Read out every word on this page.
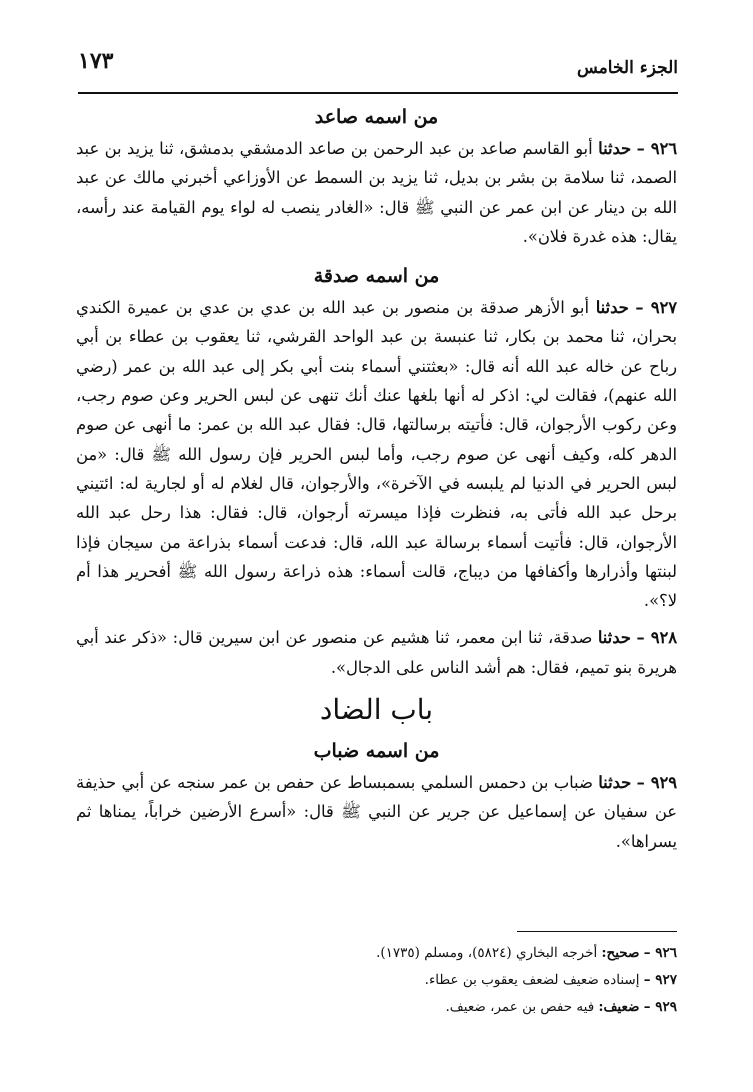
الجزء الخامس
١٧٣
من اسمه صاعد

٩٢٦ – حدثنا أبو القاسم صاعد بن عبد الرحمن بن صاعد الدمشقي بدمشق، ثنا يزيد بن عبد الصمد، ثنا سلامة بن بشر بن بديل، ثنا يزيد بن السمط عن الأوزاعي أخبرني مالك عن عبد الله بن دينار عن ابن عمر عن النبي ﷺ قال: «الغادر ينصب له لواء يوم القيامة عند رأسه، يقال: هذه غدرة فلان».

من اسمه صدقة

٩٢٧ – حدثنا أبو الأزهر صدقة بن منصور بن عبد الله بن عدي بن عدي بن عميرة الكندي بحران، ثنا محمد بن بكار، ثنا عنبسة بن عبد الواحد القرشي، ثنا يعقوب بن عطاء بن أبي رباح عن خاله عبد الله أنه قال: «بعثتني أسماء بنت أبي بكر إلى عبد الله بن عمر (رضي الله عنهم)، فقالت لي: اذكر له أنها بلغها عنك أنك تنهى عن لبس الحرير وعن صوم رجب، وعن ركوب الأرجوان، قال: فأتيته برسالتها، قال: فقال عبد الله بن عمر: ما أنهى عن صوم الدهر كله، وكيف أنهى عن صوم رجب، وأما لبس الحرير فإن رسول الله ﷺ قال: «من لبس الحرير في الدنيا لم يلبسه في الآخرة»، والأرجوان، قال لغلام له أو لجارية له: ائتيني برحل عبد الله فأتى به، فنظرت فإذا ميسرته أرجوان، قال: فقال: هذا رحل عبد الله الأرجوان، قال: فأتيت أسماء برسالة عبد الله، قال: فدعت أسماء بذراعة من سيجان فإذا لبنتها وأذرارها وأكفافها من ديباج، قالت أسماء: هذه ذراعة رسول الله ﷺ أفحرير هذا أم لا؟».

٩٢٨ – حدثنا صدقة، ثنا ابن معمر، ثنا هشيم عن منصور عن ابن سيرين قال: «ذكر عند أبي هريرة بنو تميم، فقال: هم أشد الناس على الدجال».

باب الضاد
من اسمه ضباب

٩٢٩ – حدثنا ضباب بن دحمس السلمي بسمبساط عن حفص بن عمر سنجه عن أبي حذيفة عن سفيان عن إسماعيل عن جرير عن النبي ﷺ قال: «أسرع الأرضين خراباً، يمناها ثم يسراها».

٩٢٦ – صحيح: أخرجه البخاري (٥٨٢٤)، ومسلم (١٧٣٥).
٩٢٧ – إسناده ضعيف لضعف يعقوب بن عطاء.
٩٢٩ – ضعيف: فيه حفص بن عمر، ضعيف.
